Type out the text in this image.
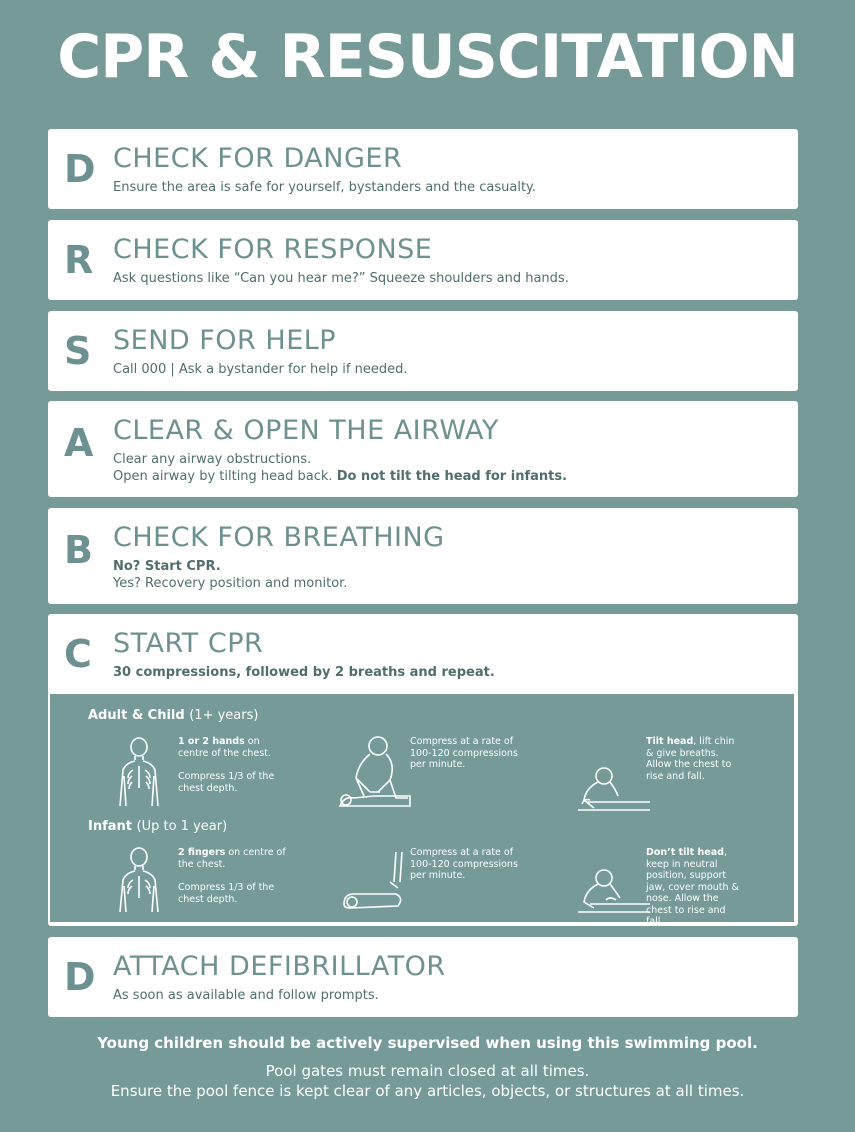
CPR & RESUSCITATION
D CHECK FOR DANGER
Ensure the area is safe for yourself, bystanders and the casualty.
R CHECK FOR RESPONSE
Ask questions like “Can you hear me?” Squeeze shoulders and hands.
S SEND FOR HELP
Call 000 | Ask a bystander for help if needed.
A CLEAR & OPEN THE AIRWAY
Clear any airway obstructions.
Open airway by tilting head back. Do not tilt the head for infants.
B CHECK FOR BREATHING
No? Start CPR.
Yes? Recovery position and monitor.
C START CPR
30 compressions, followed by 2 breaths and repeat.
Adult & Child (1+ years)
1 or 2 hands on centre of the chest.
Compress 1/3 of the chest depth.
Compress at a rate of 100-120 compressions per minute.
Tilt head, lift chin & give breaths. Allow the chest to rise and fall.
Infant (Up to 1 year)
2 fingers on centre of the chest.
Compress 1/3 of the chest depth.
Compress at a rate of 100-120 compressions per minute.
Don’t tilt head, keep in neutral position, support jaw, cover mouth & nose. Allow the chest to rise and fall.
D ATTACH DEFIBRILLATOR
As soon as available and follow prompts.
Young children should be actively supervised when using this swimming pool.
Pool gates must remain closed at all times.
Ensure the pool fence is kept clear of any articles, objects, or structures at all times.
